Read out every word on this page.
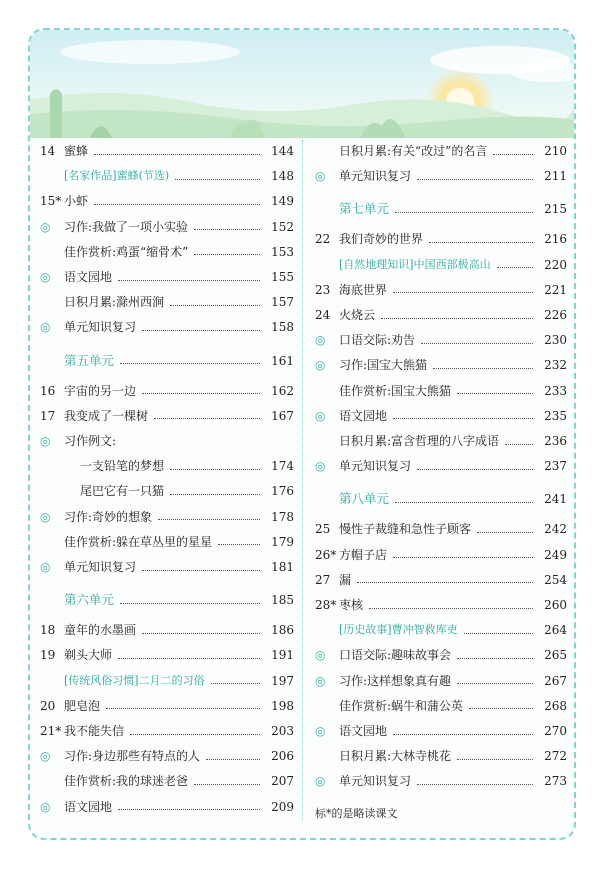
14 蜜蜂	144
[名家作品]蜜蜂(节选)	148
15* 小虾	149
◎	习作:我做了一项小实验	152
佳作赏析:鸡蛋“缩骨术”	153
◎	语文园地	155
日积月累:滁州西涧	157
◎	单元知识复习	158
第五单元	161
16 宇宙的另一边	162
17 我变成了一棵树	167
◎	习作例文:
一支铅笔的梦想	174
尾巴它有一只猫	176
◎	习作:奇妙的想象	178
佳作赏析:躲在草丛里的星星	179
◎	单元知识复习	181
第六单元	185
18 童年的水墨画	186
19 剃头大师	191
[传统风俗习惯]二月二的习俗	197
20 肥皂泡	198
21* 我不能失信	203
◎	习作:身边那些有特点的人	206
佳作赏析:我的球迷老爸	207
◎	语文园地	209
日积月累:有关“改过”的名言	210
◎	单元知识复习	211
第七单元	215
22 我们奇妙的世界	216
[自然地理知识]中国西部极高山	220
23 海底世界	221
24 火烧云	226
◎	口语交际:劝告	230
◎	习作:国宝大熊猫	232
佳作赏析:国宝大熊猫	233
◎	语文园地	235
日积月累:富含哲理的八字成语	236
◎	单元知识复习	237
第八单元	241
25 慢性子裁缝和急性子顾客	242
26* 方帽子店	249
27 漏	254
28* 枣核	260
[历史故事]曹冲智救库吏	264
◎	口语交际:趣味故事会	265
◎	习作:这样想象真有趣	267
佳作赏析:蜗牛和蒲公英	268
◎	语文园地	270
日积月累:大林寺桃花	272
◎	单元知识复习	273
标*的是略读课文
